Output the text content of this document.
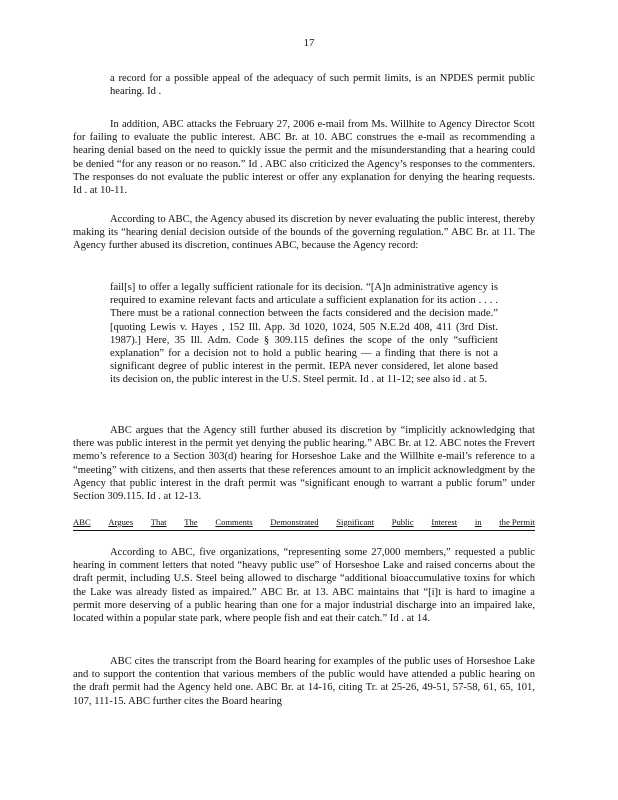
17

a record for a possible appeal of the adequacy of such permit limits, is an NPDES permit public hearing. Id .

In addition, ABC attacks the February 27, 2006 e-mail from Ms. Willhite to Agency Director Scott for failing to evaluate the public interest. ABC Br. at 10. ABC construes the e-mail as recommending a hearing denial based on the need to quickly issue the permit and the misunderstanding that a hearing could be denied “for any reason or no reason.” Id . ABC also criticized the Agency’s responses to the commenters. The responses do not evaluate the public interest or offer any explanation for denying the hearing requests. Id . at 10-11.

According to ABC, the Agency abused its discretion by never evaluating the public interest, thereby making its “hearing denial decision outside of the bounds of the governing regulation.” ABC Br. at 11. The Agency further abused its discretion, continues ABC, because the Agency record:

fail[s] to offer a legally sufficient rationale for its decision. “[A]n administrative agency is required to examine relevant facts and articulate a sufficient explanation for its action . . . . There must be a rational connection between the facts considered and the decision made.” [quoting Lewis v. Hayes , 152 Ill. App. 3d 1020, 1024, 505 N.E.2d 408, 411 (3rd Dist. 1987).] Here, 35 Ill. Adm. Code § 309.115 defines the scope of the only “sufficient explanation” for a decision not to hold a public hearing — a finding that there is not a significant degree of public interest in the permit. IEPA never considered, let alone based its decision on, the public interest in the U.S. Steel permit. Id . at 11-12; see also id . at 5.

ABC argues that the Agency still further abused its discretion by “implicitly acknowledging that there was public interest in the permit yet denying the public hearing.” ABC Br. at 12. ABC notes the Frevert memo’s reference to a Section 303(d) hearing for Horseshoe Lake and the Willhite e-mail’s reference to a “meeting” with citizens, and then asserts that these references amount to an implicit acknowledgment by the Agency that public interest in the draft permit was “significant enough to warrant a public forum” under Section 309.115. Id . at 12-13.

ABC Argues That The Comments Demonstrated Significant Public Interest in the Permit

According to ABC, five organizations, “representing some 27,000 members,” requested a public hearing in comment letters that noted “heavy public use” of Horseshoe Lake and raised concerns about the draft permit, including U.S. Steel being allowed to discharge “additional bioaccumulative toxins for which the Lake was already listed as impaired.” ABC Br. at 13. ABC maintains that “[i]t is hard to imagine a permit more deserving of a public hearing than one for a major industrial discharge into an impaired lake, located within a popular state park, where people fish and eat their catch.” Id . at 14.

ABC cites the transcript from the Board hearing for examples of the public uses of Horseshoe Lake and to support the contention that various members of the public would have attended a public hearing on the draft permit had the Agency held one. ABC Br. at 14-16, citing Tr. at 25-26, 49-51, 57-58, 61, 65, 101, 107, 111-15. ABC further cites the Board hearing
